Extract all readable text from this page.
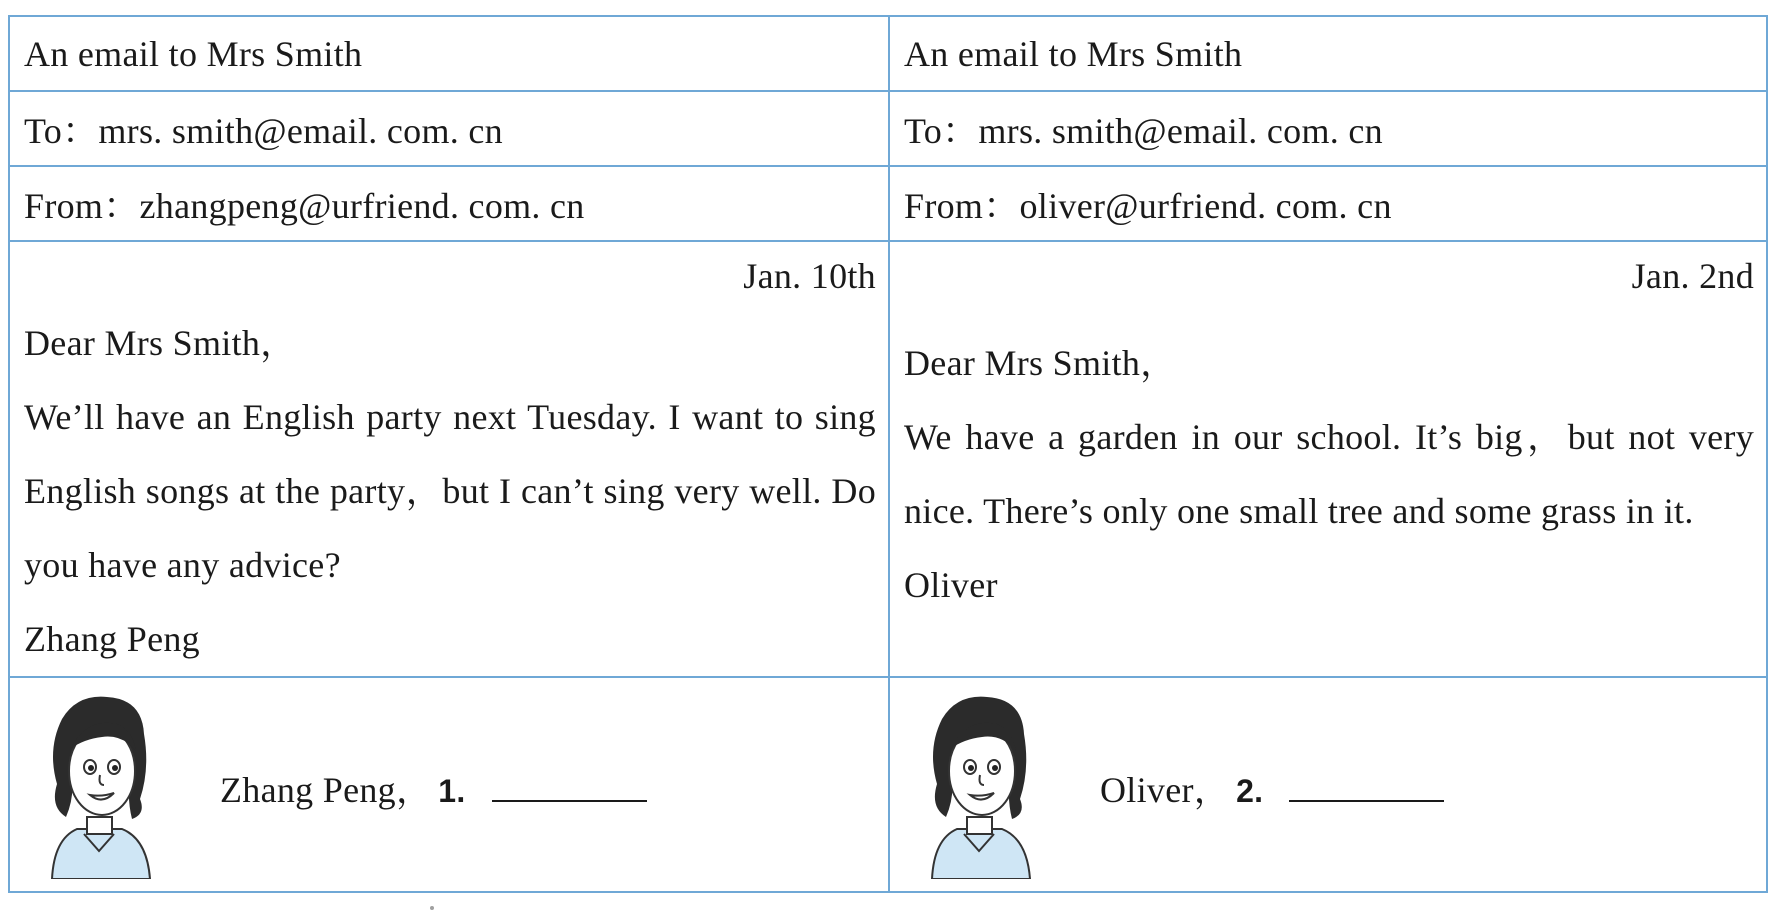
An email to Mrs Smith
To：mrs. smith@email. com. cn
From：zhangpeng@urfriend. com. cn
Jan. 10th
Dear Mrs Smith，
We’ll have an English party next Tuesday. I want to sing English songs at the party，but I can’t sing very well. Do you have any advice?
Zhang Peng
Zhang Peng， 1.
An email to Mrs Smith
To：mrs. smith@email. com. cn
From：oliver@urfriend. com. cn
Jan. 2nd
Dear Mrs Smith，
We have a garden in our school. It’s big，but not very nice. There’s only one small tree and some grass in it.
Oliver
Oliver， 2.
